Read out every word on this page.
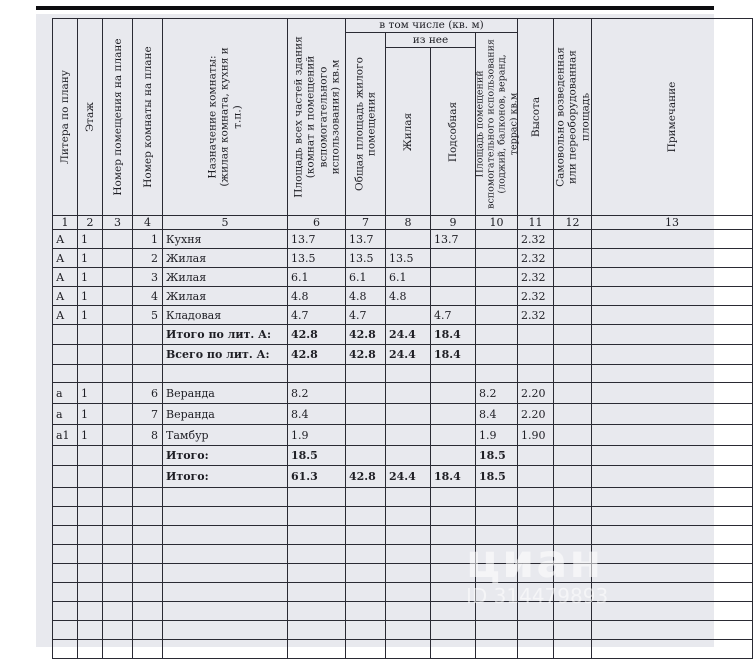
Литера по плану	Этаж	Номер помещения на плане	Номер комнаты на плане	Назначение комнаты: (жилая комната, кухня и т.п.)	Площадь всех частей здания (комнат и помещений вспомогательного использования) кв.м	в том числе (кв. м)				Высота	Самовольно возведенная или переоборудованная площадь	Примечание

						Общая площадь жилого помещения	из нее		Площадь помещений вспомогательного использования (лоджий, балконов, веранд, террас) кв.м			

							Жилая	Подсобная				

1	2	3	4	5	6	7	8	9	10	11	12	13
А	1		1	Кухня	13.7	13.7		13.7		2.32		
А	1		2	Жилая	13.5	13.5	13.5			2.32		
А	1		3	Жилая	6.1	6.1	6.1			2.32		
А	1		4	Жилая	4.8	4.8	4.8			2.32		
А	1		5	Кладовая	4.7	4.7		4.7		2.32		
				Итого по лит. А:	42.8	42.8	24.4	18.4				
				Всего по лит. А:	42.8	42.8	24.4	18.4				

а	1		6	Веранда	8.2				8.2	2.20		
а	1		7	Веранда	8.4				8.4	2.20		
а1	1		8	Тамбур	1.9				1.9	1.90		
				Итого:	18.5				18.5			
				Итого:	61.3	42.8	24.4	18.4	18.5			

циан
ID 314479893
